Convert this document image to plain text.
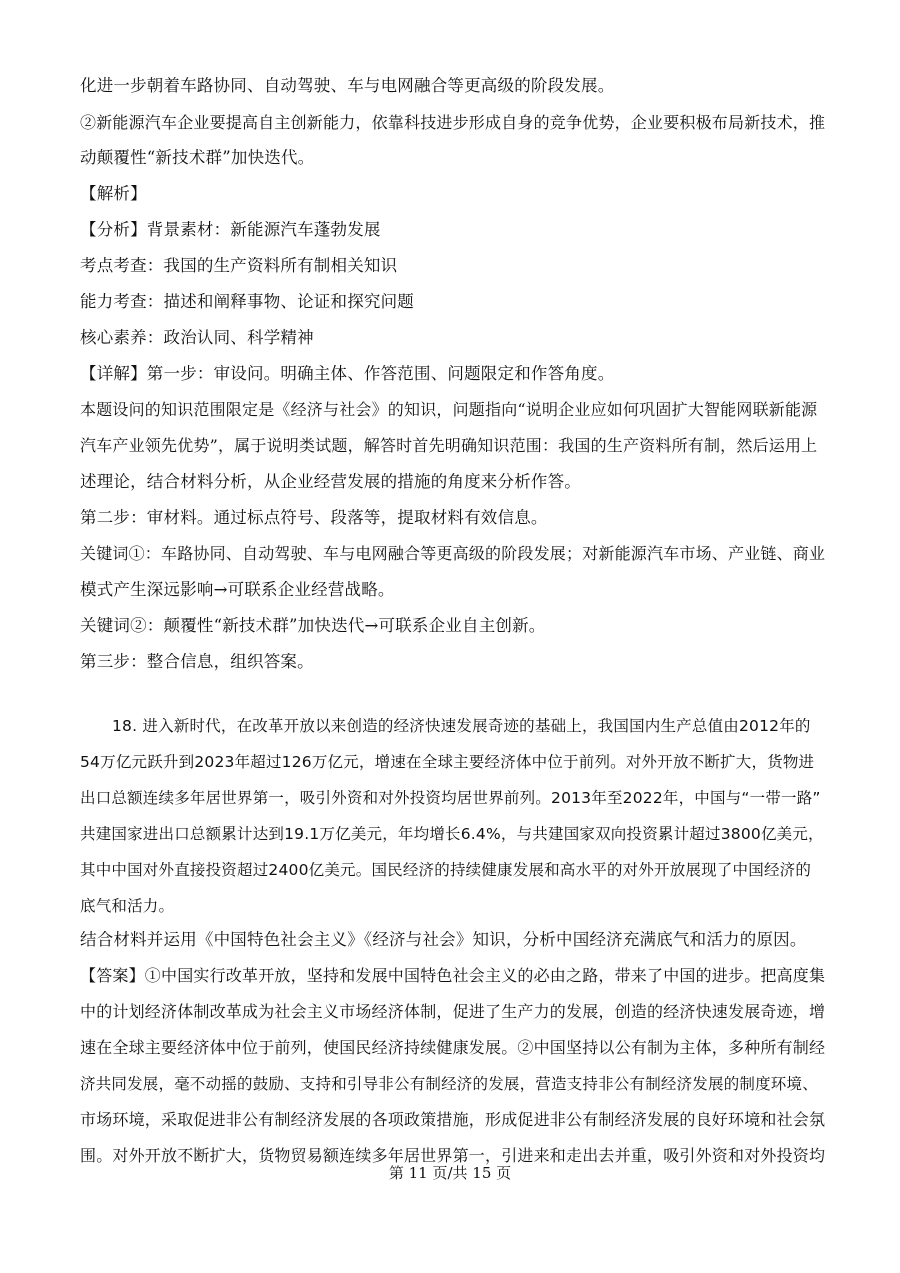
化进一步朝着车路协同、自动驾驶、车与电网融合等更高级的阶段发展。
②新能源汽车企业要提高自主创新能力，依靠科技进步形成自身的竞争优势，企业要积极布局新技术，推
动颠覆性“新技术群”加快迭代。
【解析】
【分析】背景素材：新能源汽车蓬勃发展
考点考查：我国的生产资料所有制相关知识
能力考查：描述和阐释事物、论证和探究问题
核心素养：政治认同、科学精神
【详解】第一步：审设问。明确主体、作答范围、问题限定和作答角度。
本题设问的知识范围限定是《经济与社会》的知识，问题指向“说明企业应如何巩固扩大智能网联新能源
汽车产业领先优势”，属于说明类试题，解答时首先明确知识范围：我国的生产资料所有制，然后运用上
述理论，结合材料分析，从企业经营发展的措施的角度来分析作答。
第二步：审材料。通过标点符号、段落等，提取材料有效信息。
关键词①：车路协同、自动驾驶、车与电网融合等更高级的阶段发展；对新能源汽车市场、产业链、商业
模式产生深远影响→可联系企业经营战略。
关键词②：颠覆性“新技术群”加快迭代→可联系企业自主创新。
第三步：整合信息，组织答案。
18. 进入新时代，在改革开放以来创造的经济快速发展奇迹的基础上，我国国内生产总值由2012年的
54万亿元跃升到2023年超过126万亿元，增速在全球主要经济体中位于前列。对外开放不断扩大，货物进
出口总额连续多年居世界第一，吸引外资和对外投资均居世界前列。2013年至2022年，中国与“一带一路”
共建国家进出口总额累计达到19.1万亿美元，年均增长6.4%，与共建国家双向投资累计超过3800亿美元，
其中中国对外直接投资超过2400亿美元。国民经济的持续健康发展和高水平的对外开放展现了中国经济的
底气和活力。
结合材料并运用《中国特色社会主义》《经济与社会》知识，分析中国经济充满底气和活力的原因。
【答案】①中国实行改革开放，坚持和发展中国特色社会主义的必由之路，带来了中国的进步。把高度集
中的计划经济体制改革成为社会主义市场经济体制，促进了生产力的发展，创造的经济快速发展奇迹，增
速在全球主要经济体中位于前列，使国民经济持续健康发展。②中国坚持以公有制为主体，多种所有制经
济共同发展，毫不动摇的鼓励、支持和引导非公有制经济的发展，营造支持非公有制经济发展的制度环境、
市场环境，采取促进非公有制经济发展的各项政策措施，形成促进非公有制经济发展的良好环境和社会氛
围。对外开放不断扩大，货物贸易额连续多年居世界第一，引进来和走出去并重，吸引外资和对外投资均
第 11 页/共 15 页
